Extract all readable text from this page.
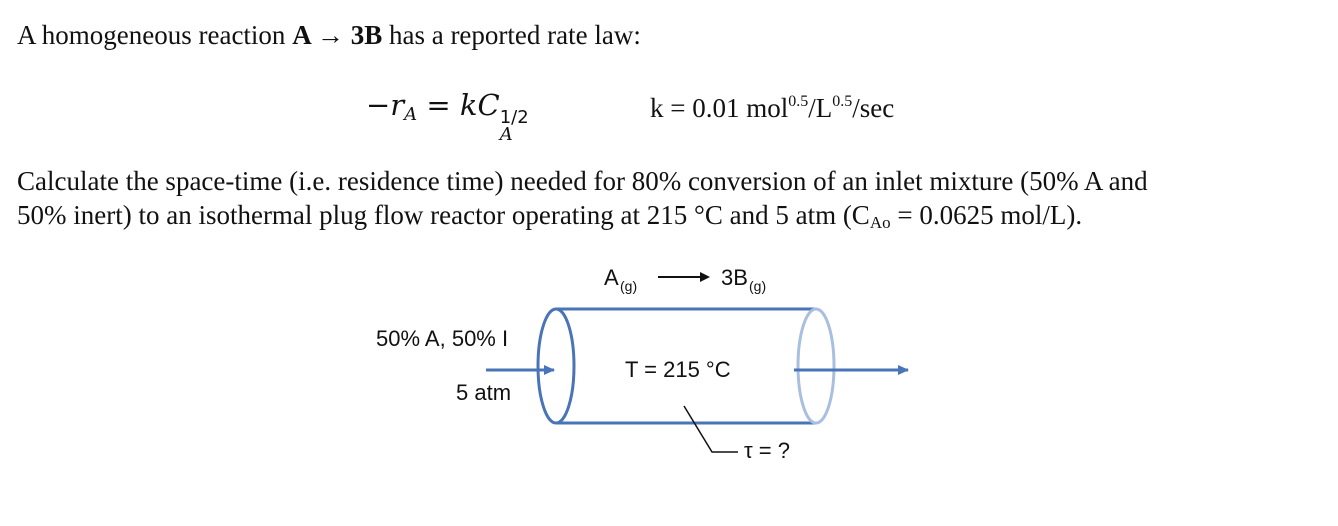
A homogeneous reaction A → 3B has a reported rate law:
−rA = kC
A
1/2	k = 0.01 $mol^{0.5}/L^{0.5}/\sec$
Calculate the space-time (i.e. residence time) needed for 80% conversion of an inlet mixture (50% A and
50% inert) to an isothermal plug flow reactor operating at 215 °C and 5 atm ($C_{Ao} = 0.0625$ mol/L).
A (g)	3B (g)
50% A, 50% I
5 atm
T = 215 °C
τ = ?
